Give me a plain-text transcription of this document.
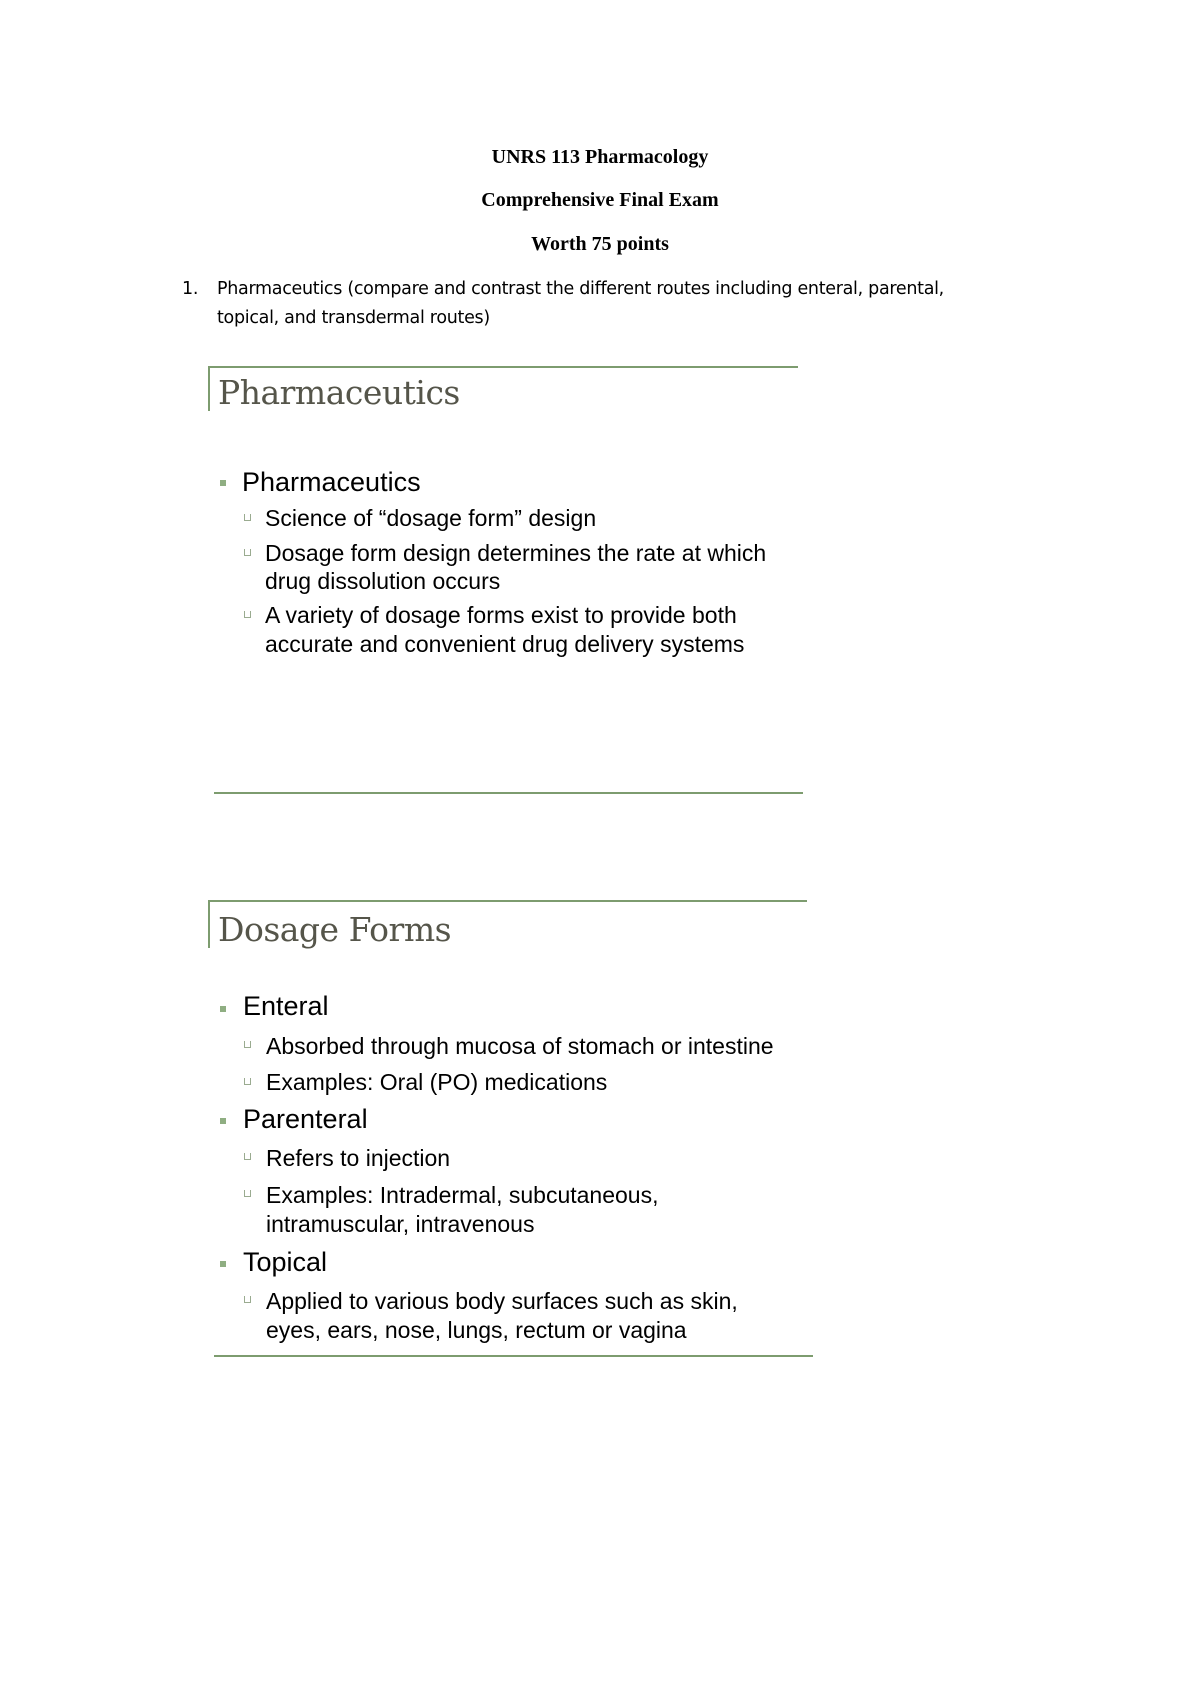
UNRS 113 Pharmacology
Comprehensive Final Exam
Worth 75 points
1. Pharmaceutics (compare and contrast the different routes including enteral, parental,
topical, and transdermal routes)
Pharmaceutics
Pharmaceutics
Science of “dosage form” design
Dosage form design determines the rate at which
drug dissolution occurs
A variety of dosage forms exist to provide both
accurate and convenient drug delivery systems
Dosage Forms
Enteral
Absorbed through mucosa of stomach or intestine
Examples: Oral (PO) medications
Parenteral
Refers to injection
Examples: Intradermal, subcutaneous,
intramuscular, intravenous
Topical
Applied to various body surfaces such as skin,
eyes, ears, nose, lungs, rectum or vagina
